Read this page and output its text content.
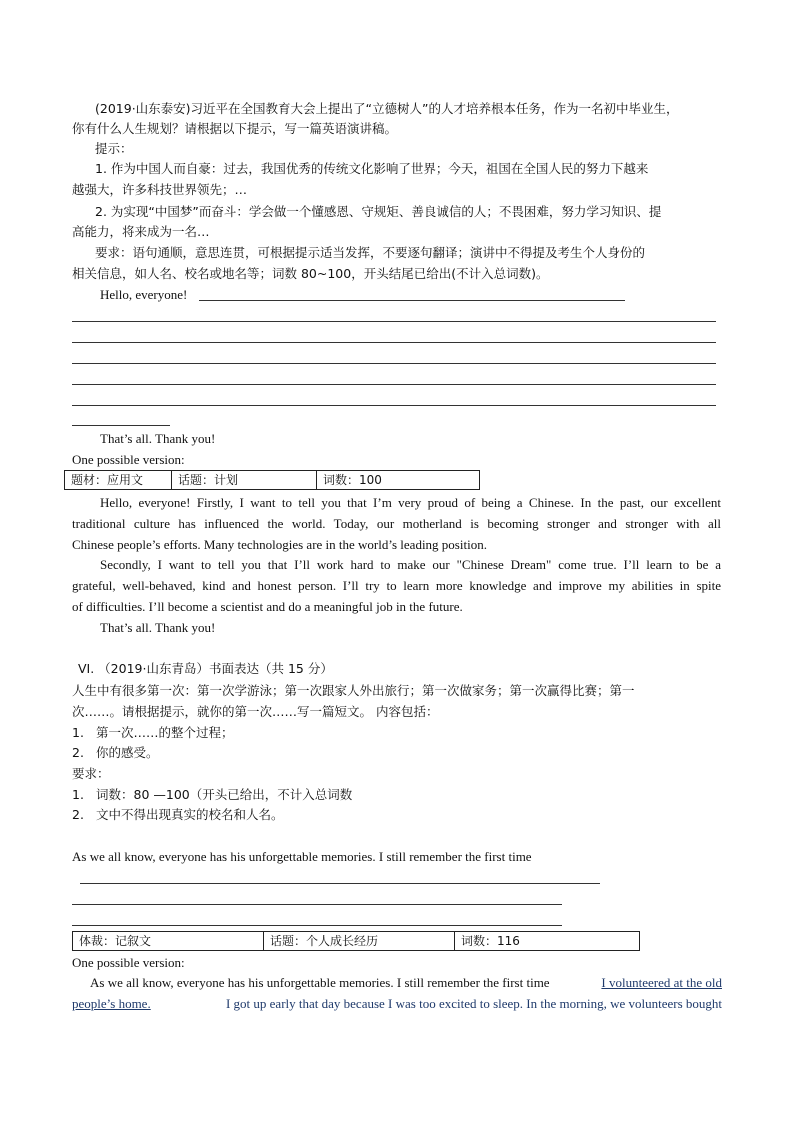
(2019·山东泰安)习近平在全国教育大会上提出了“立德树人”的人才培养根本任务，作为一名初中毕业生，
你有什么人生规划？请根据以下提示，写一篇英语演讲稿。
提示：
1. 作为中国人而自豪：过去，我国优秀的传统文化影响了世界；今天，祖国在全国人民的努力下越来
越强大，许多科技世界领先；…
2. 为实现“中国梦”而奋斗：学会做一个懂感恩、守规矩、善良诚信的人；不畏困难，努力学习知识、提
高能力，将来成为一名…
要求：语句通顺，意思连贯，可根据提示适当发挥，不要逐句翻译；演讲中不得提及考生个人身份的
相关信息，如人名、校名或地名等；词数 80~100，开头结尾已给出(不计入总词数)。
Hello, everyone!
That’s all. Thank you!
One possible version:
题材：应用文	话题：计划	词数：100
Hello, everyone! Firstly, I want to tell you that I’m very proud of being a Chinese. In the past, our excellent
traditional culture has influenced the world. Today, our motherland is becoming stronger and stronger with all
Chinese people’s efforts. Many technologies are in the world’s leading position.
Secondly, I want to tell you that I’ll work hard to make our "Chinese Dream" come true. I’ll learn to be a
grateful, well-behaved, kind and honest person. I’ll try to learn more knowledge and improve my abilities in spite
of difficulties. I’ll become a scientist and do a meaningful job in the future.
That’s all. Thank you!
VI. （2019·山东青岛）书面表达（共 15 分）
人生中有很多第一次：第一次学游泳；第一次跟家人外出旅行；第一次做家务；第一次赢得比赛；第一
次……。请根据提示，就你的第一次……写一篇短文。 内容包括：
1. 第一次……的整个过程；
2. 你的感受。
要求：
1. 词数：80 —100（开头已给出，不计入总词数
2. 文中不得出现真实的校名和人名。
As we all know, everyone has his unforgettable memories. I still remember the first time
体裁：记叙文	话题：个人成长经历	词数：116
One possible version:
As we all know, everyone has his unforgettable memories. I still remember the first time	I volunteered at the old
people’s home.	I got up early that day because I was too excited to sleep. In the morning, we volunteers bought
